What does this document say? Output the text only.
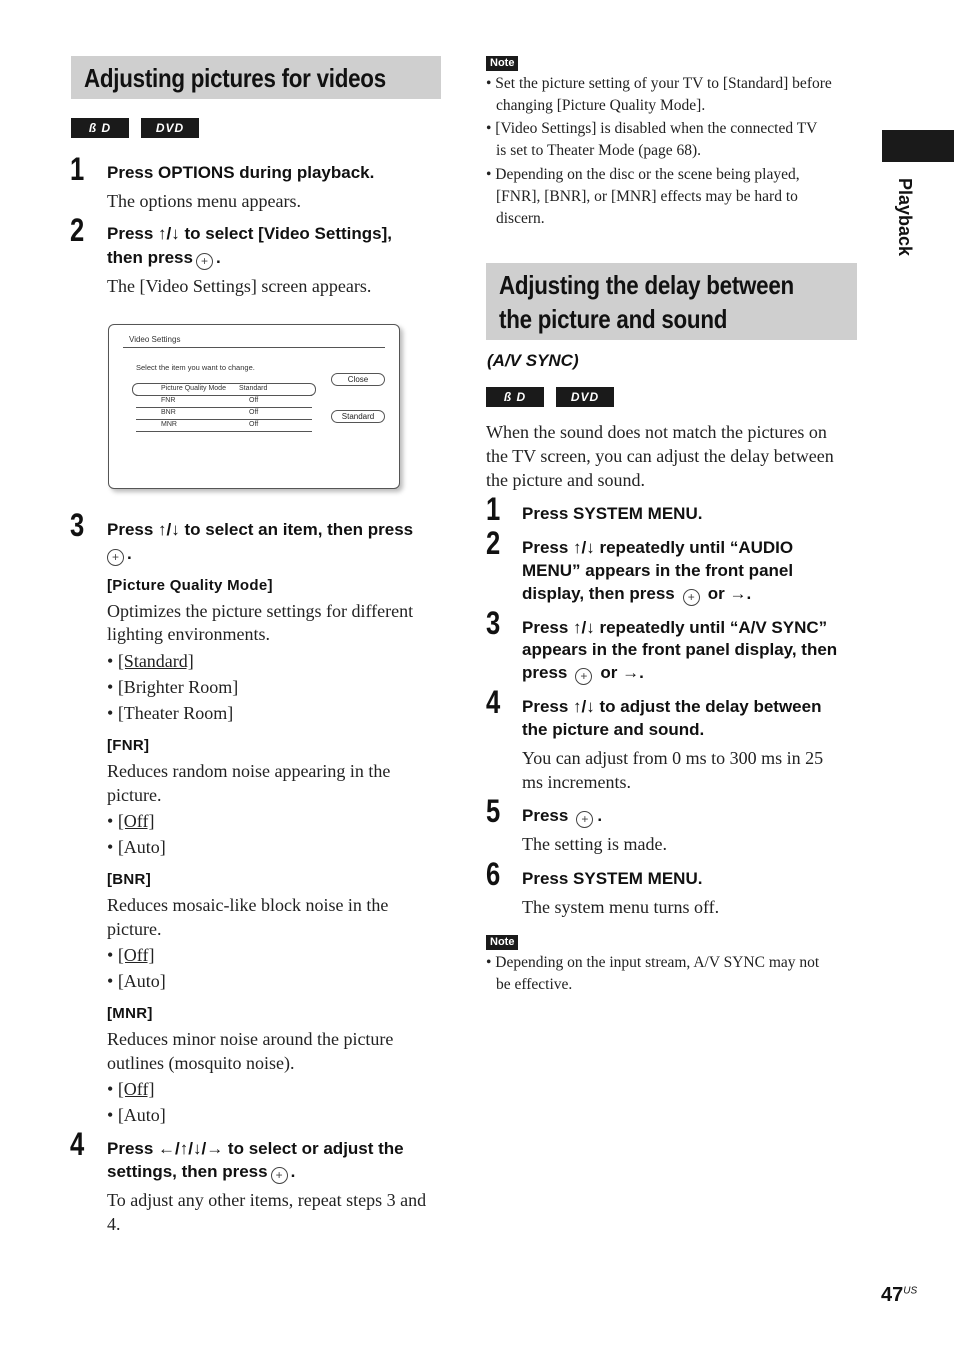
Adjusting pictures for videos
ß D	DVD
1 Press OPTIONS during playback.
The options menu appears.
2 Press ↑/↓ to select [Video Settings],
then press + .
The [Video Settings] screen appears.
Video Settings
Select the item you want to change.
Picture Quality Mode Standard
FNR	Off
BNR	Off
MNR	Off
Close
Standard
3 Press ↑/↓ to select an item, then press
+ .
[Picture Quality Mode]
Optimizes the picture settings for different
lighting environments.
• [Standard]
• [Brighter Room]
• [Theater Room]
[FNR]
Reduces random noise appearing in the
picture.
• [Off]
• [Auto]
[BNR]
Reduces mosaic-like block noise in the
picture.
• [Off]
• [Auto]
[MNR]
Reduces minor noise around the picture
outlines (mosquito noise).
• [Off]
• [Auto]
4 Press ←/↑/↓/→ to select or adjust the
settings, then press + .
To adjust any other items, repeat steps 3 and
4.
Note
• Set the picture setting of your TV to [Standard] before
changing [Picture Quality Mode].
• [Video Settings] is disabled when the connected TV
is set to Theater Mode (page 68).
• Depending on the disc or the scene being played,
[FNR], [BNR], or [MNR] effects may be hard to
discern.
Adjusting the delay between
the picture and sound
(A/V SYNC)
ß D	DVD
When the sound does not match the pictures on
the TV screen, you can adjust the delay between
the picture and sound.
1 Press SYSTEM MENU.
2 Press ↑/↓ repeatedly until “AUDIO
MENU” appears in the front panel
display, then press + or →.
3 Press ↑/↓ repeatedly until “A/V SYNC”
appears in the front panel display, then
press + or →.
4 Press ↑/↓ to adjust the delay between
the picture and sound.
You can adjust from 0 ms to 300 ms in 25
ms increments.
5 Press + .
The setting is made.
6 Press SYSTEM MENU.
The system menu turns off.
Note
• Depending on the input stream, A/V SYNC may not
be effective.
Playback
$47^{US}$
